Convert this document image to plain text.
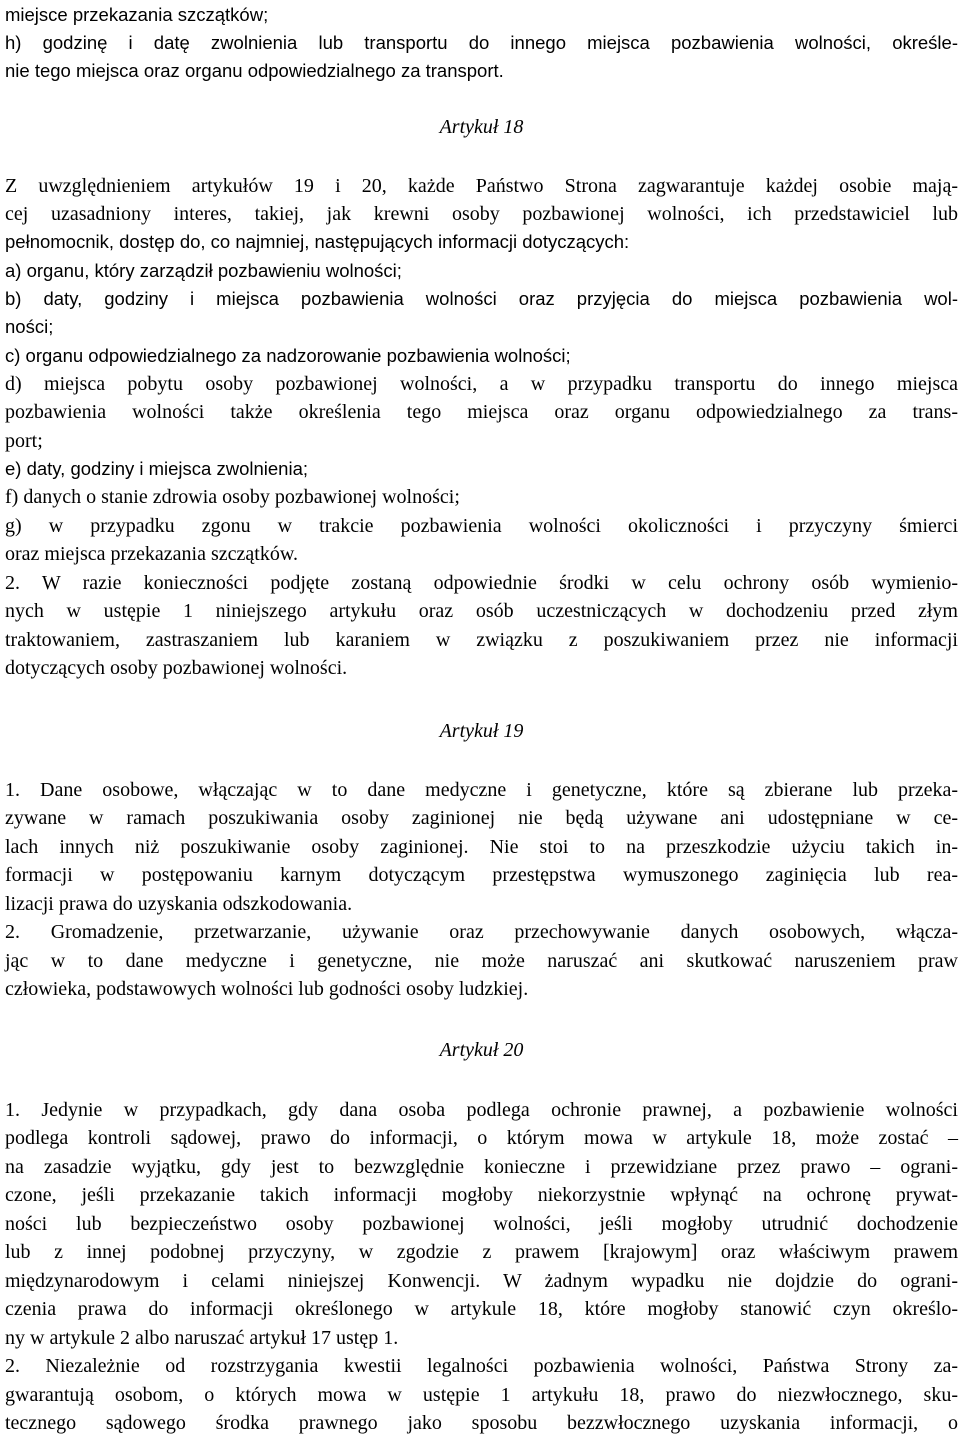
miejsce przekazania szczątków;
h) godzinę i datę zwolnienia lub transportu do innego miejsca pozbawienia wolności, określe-
nie tego miejsca oraz organu odpowiedzialnego za transport.
Artykuł 18
Z uwzględnieniem artykułów 19 i 20, każde Państwo Strona zagwarantuje każdej osobie mają-
cej uzasadniony interes, takiej, jak krewni osoby pozbawionej wolności, ich przedstawiciel lub
pełnomocnik, dostęp do, co najmniej, następujących informacji dotyczących:
a) organu, który zarządził pozbawieniu wolności;
b) daty, godziny i miejsca pozbawienia wolności oraz przyjęcia do miejsca pozbawienia wol-
ności;
c) organu odpowiedzialnego za nadzorowanie pozbawienia wolności;
d) miejsca pobytu osoby pozbawionej wolności, a w przypadku transportu do innego miejsca
pozbawienia wolności także określenia tego miejsca oraz organu odpowiedzialnego za trans-
port;
e) daty, godziny i miejsca zwolnienia;
f) danych o stanie zdrowia osoby pozbawionej wolności;
g) w przypadku zgonu w trakcie pozbawienia wolności okoliczności i przyczyny śmierci
oraz miejsca przekazania szczątków.
2. W razie konieczności podjęte zostaną odpowiednie środki w celu ochrony osób wymienio-
nych w ustępie 1 niniejszego artykułu oraz osób uczestniczących w dochodzeniu przed złym
traktowaniem, zastraszaniem lub karaniem w związku z poszukiwaniem przez nie informacji
dotyczących osoby pozbawionej wolności.
Artykuł 19
1. Dane osobowe, włączając w to dane medyczne i genetyczne, które są zbierane lub przeka-
zywane w ramach poszukiwania osoby zaginionej nie będą używane ani udostępniane w ce-
lach innych niż poszukiwanie osoby zaginionej. Nie stoi to na przeszkodzie użyciu takich in-
formacji w postępowaniu karnym dotyczącym przestępstwa wymuszonego zaginięcia lub rea-
lizacji prawa do uzyskania odszkodowania.
2. Gromadzenie, przetwarzanie, używanie oraz przechowywanie danych osobowych, włącza-
jąc w to dane medyczne i genetyczne, nie może naruszać ani skutkować naruszeniem praw
człowieka, podstawowych wolności lub godności osoby ludzkiej.
Artykuł 20
1. Jedynie w przypadkach, gdy dana osoba podlega ochronie prawnej, a pozbawienie wolności
podlega kontroli sądowej, prawo do informacji, o którym mowa w artykule 18, może zostać –
na zasadzie wyjątku, gdy jest to bezwzględnie konieczne i przewidziane przez prawo – ograni-
czone, jeśli przekazanie takich informacji mogłoby niekorzystnie wpłynąć na ochronę prywat-
ności lub bezpieczeństwo osoby pozbawionej wolności, jeśli mogłoby utrudnić dochodzenie
lub z innej podobnej przyczyny, w zgodzie z prawem [krajowym] oraz właściwym prawem
międzynarodowym i celami niniejszej Konwencji. W żadnym wypadku nie dojdzie do ograni-
czenia prawa do informacji określonego w artykule 18, które mogłoby stanowić czyn określo-
ny w artykule 2 albo naruszać artykuł 17 ustęp 1.
2. Niezależnie od rozstrzygania kwestii legalności pozbawienia wolności, Państwa Strony za-
gwarantują osobom, o których mowa w ustępie 1 artykułu 18, prawo do niezwłocznego, sku-
tecznego sądowego środka prawnego jako sposobu bezzwłocznego uzyskania informacji, o
